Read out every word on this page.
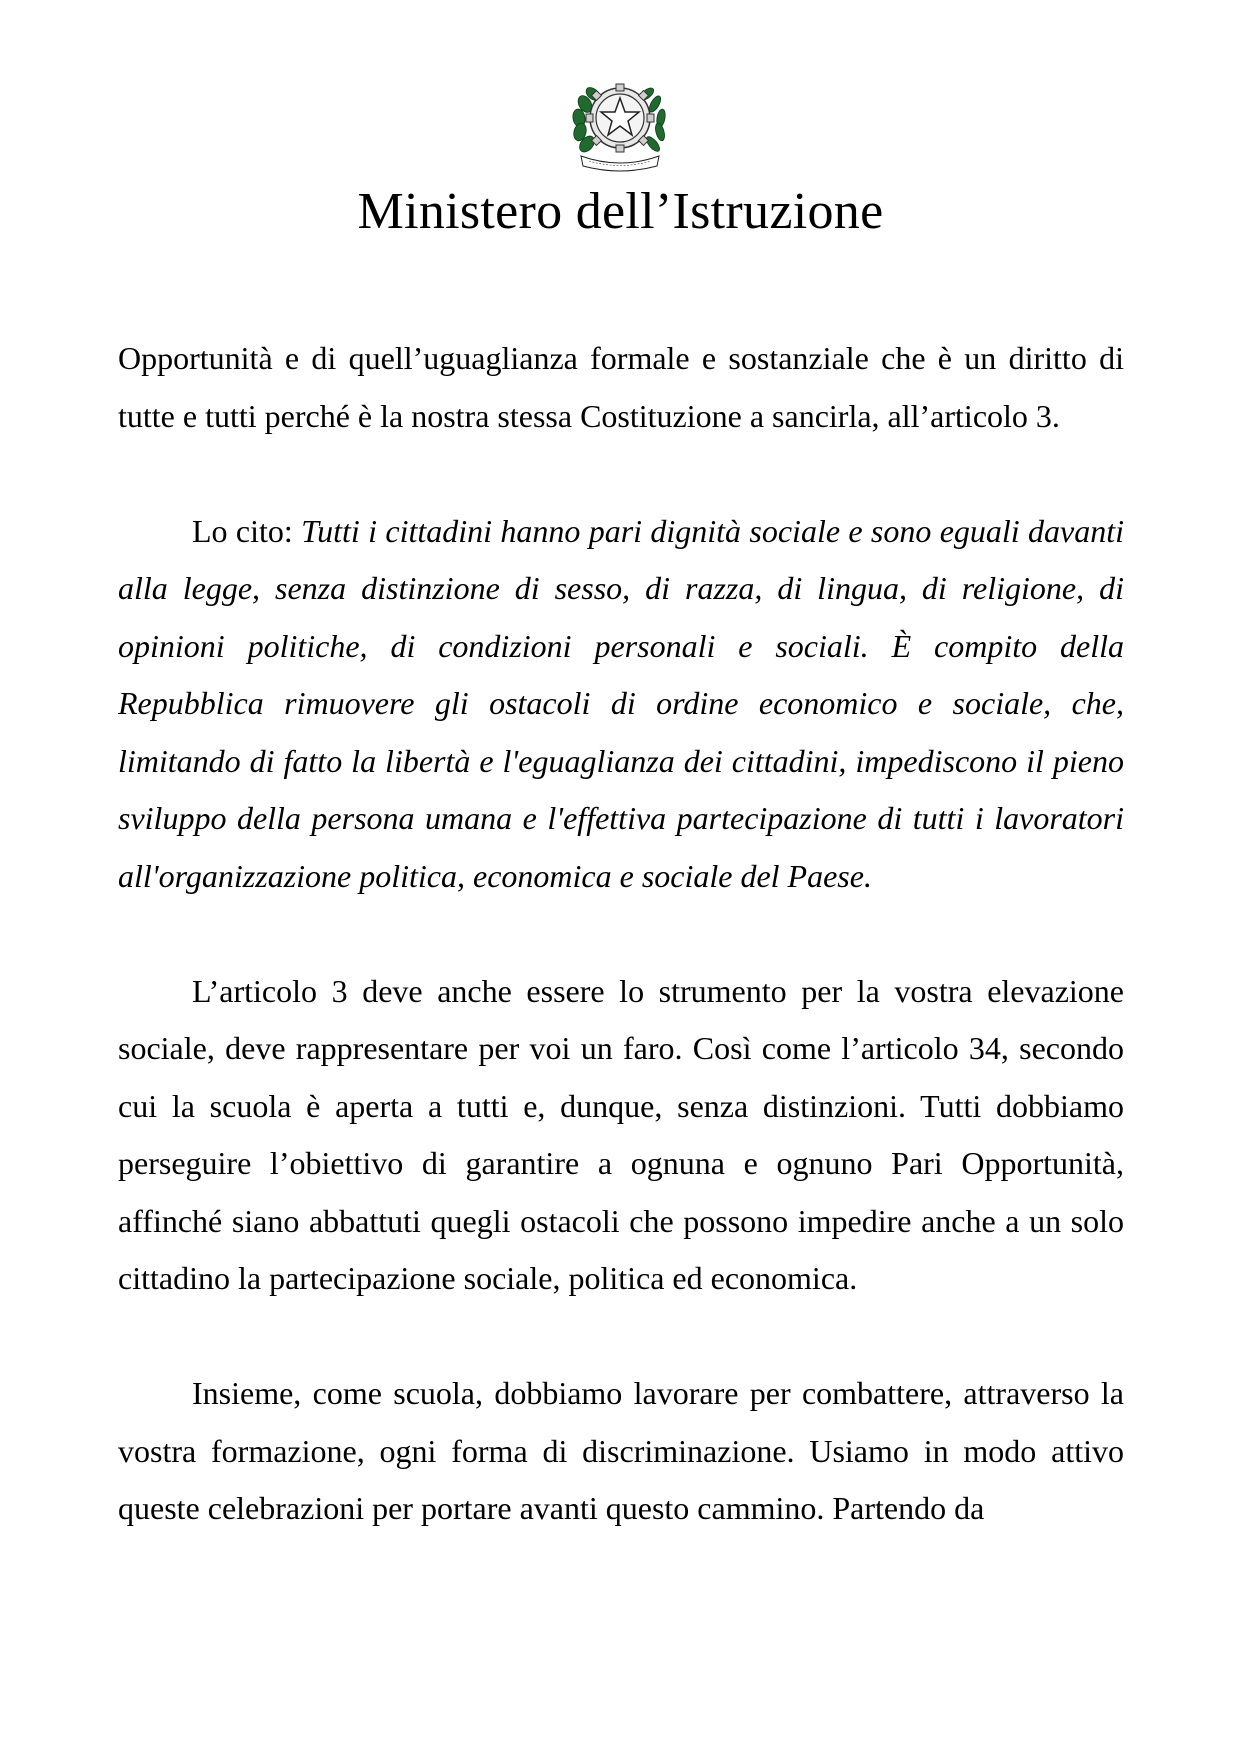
Ministero dell’Istruzione

Opportunità e di quell’uguaglianza formale e sostanziale che è un diritto di tutte e tutti perché è la nostra stessa Costituzione a sancirla, all’articolo 3.

Lo cito: Tutti i cittadini hanno pari dignità sociale e sono eguali davanti alla legge, senza distinzione di sesso, di razza, di lingua, di religione, di opinioni politiche, di condizioni personali e sociali. È compito della Repubblica rimuovere gli ostacoli di ordine economico e sociale, che, limitando di fatto la libertà e l'eguaglianza dei cittadini, impediscono il pieno sviluppo della persona umana e l'effettiva partecipazione di tutti i lavoratori all'organizzazione politica, economica e sociale del Paese.

L’articolo 3 deve anche essere lo strumento per la vostra elevazione sociale, deve rappresentare per voi un faro. Così come l’articolo 34, secondo cui la scuola è aperta a tutti e, dunque, senza distinzioni. Tutti dobbiamo perseguire l’obiettivo di garantire a ognuna e ognuno Pari Opportunità, affinché siano abbattuti quegli ostacoli che possono impedire anche a un solo cittadino la partecipazione sociale, politica ed economica.

Insieme, come scuola, dobbiamo lavorare per combattere, attraverso la vostra formazione, ogni forma di discriminazione. Usiamo in modo attivo queste celebrazioni per portare avanti questo cammino. Partendo da
